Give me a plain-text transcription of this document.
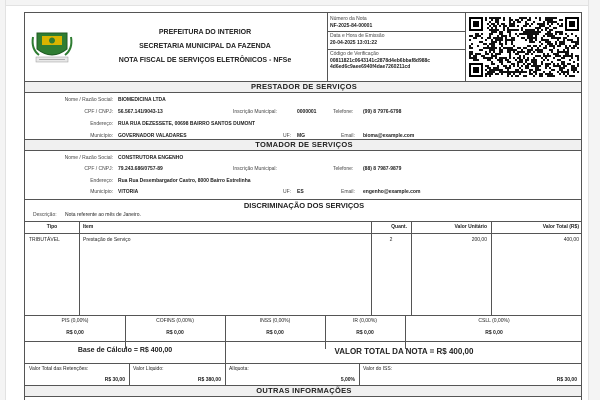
PREFEITURA DO INTERIOR
SECRETARIA MUNICIPAL DA FAZENDA
NOTA FISCAL DE SERVIÇOS ELETRÔNICOS - NFSe
Número da Nota
NF-2025-84-00001
Data e Hora de Emissão
20-04-2025 13:01:22
Código de Verificação
00811821c0643141c2878d4eb6bbaf8d988c
4d6ed6c9aee6940f4dae7260211cd
PRESTADOR DE SERVIÇOS
Nome / Razão Social: BIOMEDICINA LTDA
CPF / CNPJ: 56.567.141/9043-13	Inscrição Municipal:	0000001	Telefone: (99) 8 7976-6798
Endereço: RUA RUA DEZESSETE, 00698 BAIRRO SANTOS DUMONT
Município: GOVERNADOR VALADARES	UF: MG	Email: bioma@example.com
TOMADOR DE SERVIÇOS
Nome / Razão Social: CONSTRUTORA ENGENHO
CPF / CNPJ: 79.243.686/0757-89	Inscrição Municipal:	Telefone: (88) 8 7987-9879
Endereço: Rua Rua Desembargador Castro, 8000 Bairro Estrelinha
Município: VITORIA	UF: ES	Email: engenho@example.com
DISCRIMINAÇÃO DOS SERVIÇOS
Descrição: Nota referente ao mês de Janeiro.
Tipo	Item	Quant.	Valor Unitário	Valor Total (R$)
TRIBUTÁVEL	Prestação de Serviço	2	200,00	400,00
PIS (0,00%)
R$ 0,00
COFINS (0,00%)
R$ 0,00
INSS (0,00%)
R$ 0,00
IR (0,00%)
R$ 0,00
CSLL (0,00%)
R$ 0,00
Base de Cálculo = R$ 400,00	VALOR TOTAL DA NOTA = R$ 400,00
Valor Total das Retenções:
R$ 30,00
Valor Líquido:
R$ 380,00
Alíquota:
5,00%
Valor do ISS:
R$ 30,00
OUTRAS INFORMAÇÕES
